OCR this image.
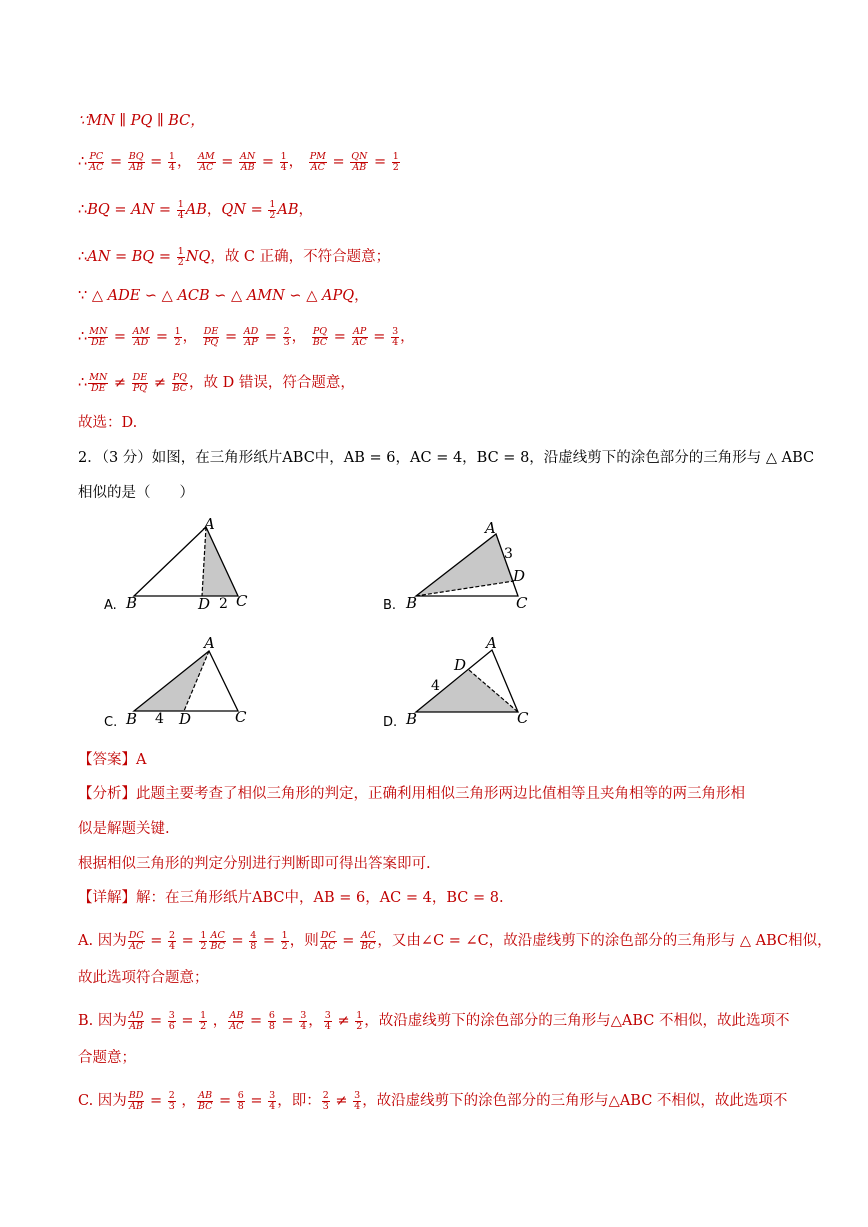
∵MN ∥ PQ ∥ BC，
∴ $\frac{PC}{AC} = \frac{BQ}{AB} = \frac{1}{4}$ ， $\frac{AM}{AC} = \frac{AN}{AB} = \frac{1}{4}$ ， $\frac{PM}{AC} = \frac{QN}{AB} = \frac{1}{2}$
∴BQ = AN = $\frac{1}{4}$ AB，QN = $\frac{1}{2}$ AB，
∴AN = BQ = $\frac{1}{2}$ NQ，故 C 正确，不符合题意；
∵ △ ADE ∽ △ ACB ∽ △ AMN ∽ △ APQ，
∴ $\frac{MN}{DE} = \frac{AM}{AD} = \frac{1}{2}$ ， $\frac{DE}{PQ} = \frac{AD}{AP} = \frac{2}{3}$ ， $\frac{PQ}{BC} = \frac{AP}{AC} = \frac{3}{4}$ ，
∴ $\frac{MN}{DE} \ne \frac{DE}{PQ} \ne \frac{PQ}{BC}$ ，故 D 错误，符合题意，
故选：D.
2．（3 分）如图，在三角形纸片ABC中，AB = 6，AC = 4，BC = 8，沿虚线剪下的涂色部分的三角形与 △ ABC
相似的是（　　）
A.
A
B	C
D 2
A
B	C
D
3
B.
C.
A
B	C
D
4	D.
A
B	C
D
4
【答案】A
【分析】此题主要考查了相似三角形的判定，正确利用相似三角形两边比值相等且夹角相等的两三角形相
似是解题关键.
根据相似三角形的判定分别进行判断即可得出答案即可.
【详解】解：在三角形纸片ABC中，AB = 6，AC = 4，BC = 8.
A. 因为 $\frac{DC}{AC} = \frac{2}{4} = \frac{1}{2} \frac{AC}{BC} = \frac{4}{8} = \frac{1}{2}$ ，则 $\frac{DC}{AC} = \frac{AC}{BC}$ ，又由∠C = ∠C，故沿虚线剪下的涂色部分的三角形与 △ ABC相似，
故此选项符合题意；
B. 因为 $\frac{AD}{AB} = \frac{3}{6} = \frac{1}{2}$ ， $\frac{AB}{AC} = \frac{6}{8} = \frac{3}{4}$ ， $\frac{3}{4} \ne \frac{1}{2}$ ，故沿虚线剪下的涂色部分的三角形与△ABC 不相似，故此选项不
合题意；
C. 因为 $\frac{BD}{AB} = \frac{2}{3}$ ， $\frac{AB}{BC} = \frac{6}{8} = \frac{3}{4}$ ，即： $\frac{2}{3} \ne \frac{3}{4}$ ，故沿虚线剪下的涂色部分的三角形与△ABC 不相似，故此选项不
